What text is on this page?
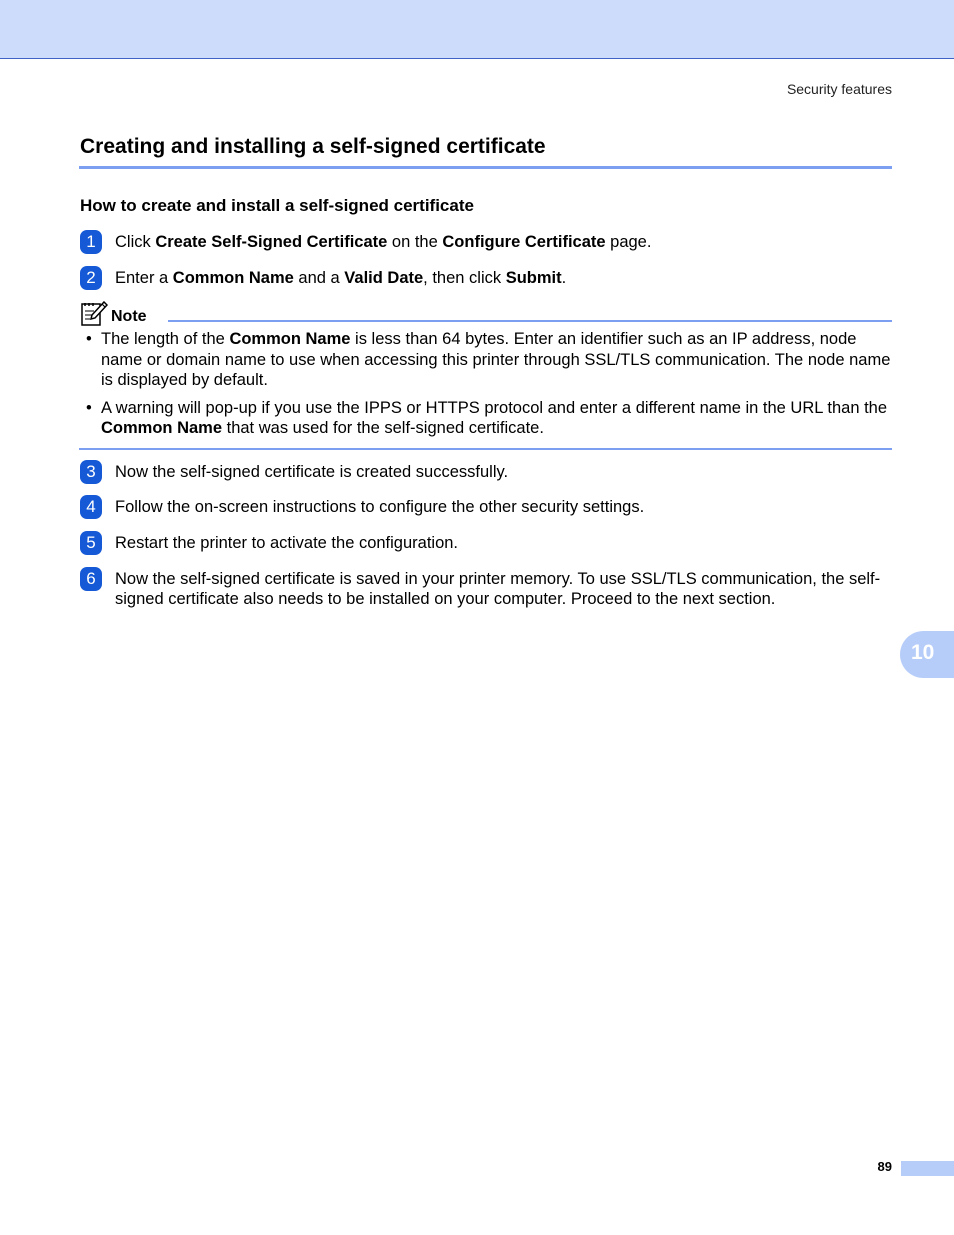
Security features
Creating and installing a self-signed certificate
How to create and install a self-signed certificate
1	Click Create Self-Signed Certificate on the Configure Certificate page.
2	Enter a Common Name and a Valid Date, then click Submit.
Note
• The length of the Common Name is less than 64 bytes. Enter an identifier such as an IP address, node name or domain name to use when accessing this printer through SSL/TLS communication. The node name is displayed by default.
• A warning will pop-up if you use the IPPS or HTTPS protocol and enter a different name in the URL than the Common Name that was used for the self-signed certificate.
3	Now the self-signed certificate is created successfully.
4	Follow the on-screen instructions to configure the other security settings.
5	Restart the printer to activate the configuration.
6	Now the self-signed certificate is saved in your printer memory. To use SSL/TLS communication, the self-signed certificate also needs to be installed on your computer. Proceed to the next section.
10
89
